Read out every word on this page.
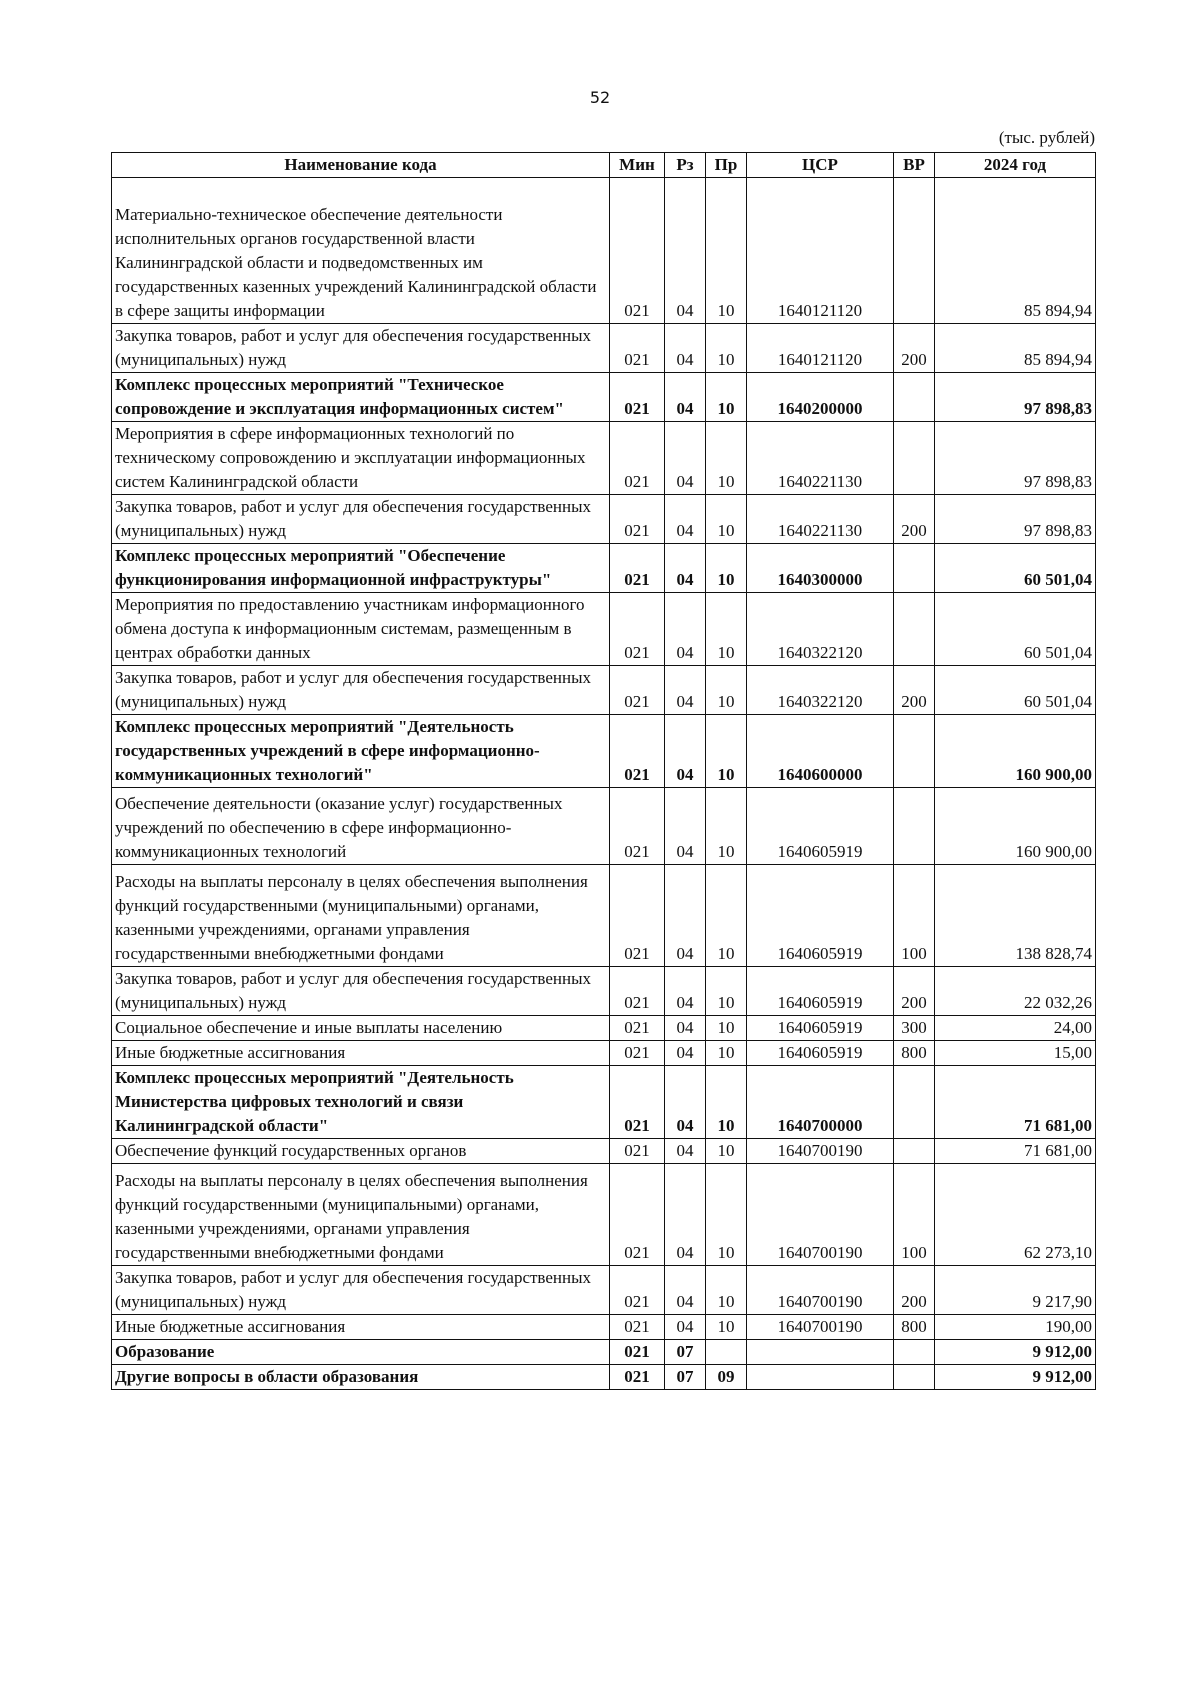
52
(тыс. рублей)
Наименование кода	Мин	Рз	Пр	ЦСР	ВР	2024 год
Материально-техническое обеспечение деятельности исполнительных органов государственной власти Калининградской области и подведомственных им государственных казенных учреждений Калининградской области в сфере защиты информации	021	04	10	1640121120		85 894,94
Закупка товаров, работ и услуг для обеспечения государственных (муниципальных) нужд	021	04	10	1640121120	200	85 894,94
Комплекс процессных мероприятий "Техническое сопровождение и эксплуатация информационных систем"	021	04	10	1640200000		97 898,83
Мероприятия в сфере информационных технологий по техническому сопровождению и эксплуатации информационных систем Калининградской области	021	04	10	1640221130		97 898,83
Закупка товаров, работ и услуг для обеспечения государственных (муниципальных) нужд	021	04	10	1640221130	200	97 898,83
Комплекс процессных мероприятий "Обеспечение функционирования информационной инфраструктуры"	021	04	10	1640300000		60 501,04
Мероприятия по предоставлению участникам информационного обмена доступа к информационным системам, размещенным в центрах обработки данных	021	04	10	1640322120		60 501,04
Закупка товаров, работ и услуг для обеспечения государственных (муниципальных) нужд	021	04	10	1640322120	200	60 501,04
Комплекс процессных мероприятий "Деятельность государственных учреждений в сфере информационно-коммуникационных технологий"	021	04	10	1640600000		160 900,00
Обеспечение деятельности (оказание услуг) государственных учреждений по обеспечению в сфере информационно-коммуникационных технологий	021	04	10	1640605919		160 900,00
Расходы на выплаты персоналу в целях обеспечения выполнения функций государственными (муниципальными) органами, казенными учреждениями, органами управления государственными внебюджетными фондами	021	04	10	1640605919	100	138 828,74
Закупка товаров, работ и услуг для обеспечения государственных (муниципальных) нужд	021	04	10	1640605919	200	22 032,26
Социальное обеспечение и иные выплаты населению	021	04	10	1640605919	300	24,00
Иные бюджетные ассигнования	021	04	10	1640605919	800	15,00
Комплекс процессных мероприятий "Деятельность Министерства цифровых технологий и связи Калининградской области"	021	04	10	1640700000		71 681,00
Обеспечение функций государственных органов	021	04	10	1640700190		71 681,00
Расходы на выплаты персоналу в целях обеспечения выполнения функций государственными (муниципальными) органами, казенными учреждениями, органами управления государственными внебюджетными фондами	021	04	10	1640700190	100	62 273,10
Закупка товаров, работ и услуг для обеспечения государственных (муниципальных) нужд	021	04	10	1640700190	200	9 217,90
Иные бюджетные ассигнования	021	04	10	1640700190	800	190,00
Образование	021	07				9 912,00
Другие вопросы в области образования	021	07	09			9 912,00
